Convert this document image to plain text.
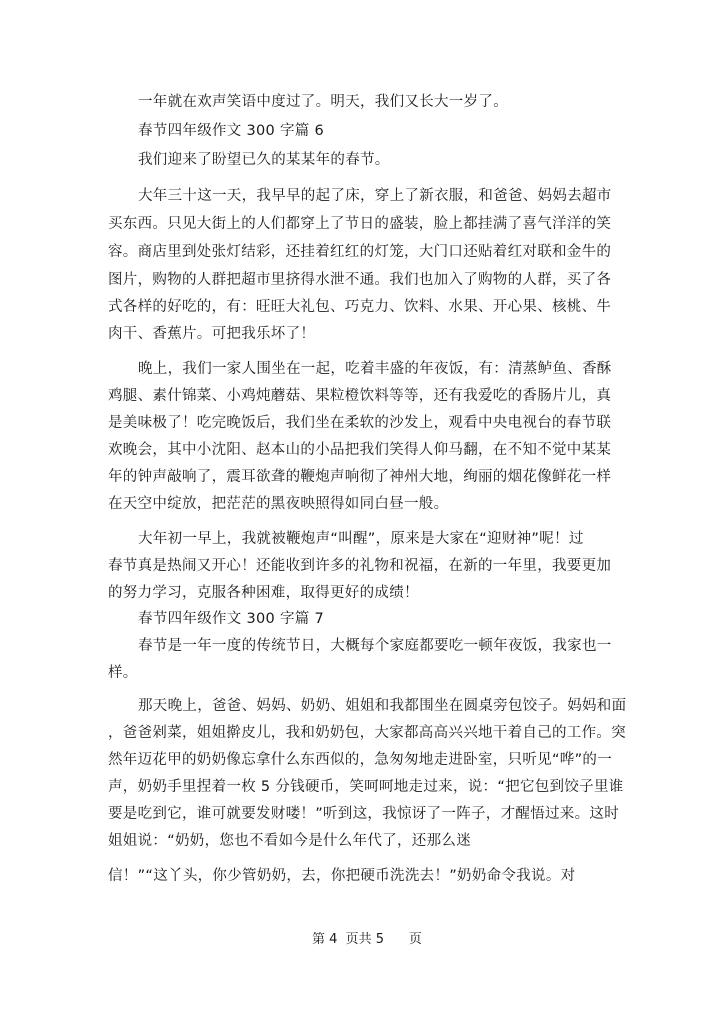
一年就在欢声笑语中度过了。明天，我们又长大一岁了。
春节四年级作文 300 字篇 6
我们迎来了盼望已久的某某年的春节。
大年三十这一天，我早早的起了床，穿上了新衣服，和爸爸、妈妈去超市
买东西。只见大街上的人们都穿上了节日的盛装，脸上都挂满了喜气洋洋的笑
容。商店里到处张灯结彩，还挂着红红的灯笼，大门口还贴着红对联和金牛的
图片，购物的人群把超市里挤得水泄不通。我们也加入了购物的人群，买了各
式各样的好吃的，有：旺旺大礼包、巧克力、饮料、水果、开心果、核桃、牛
肉干、香蕉片。可把我乐坏了！
晚上，我们一家人围坐在一起，吃着丰盛的年夜饭，有：清蒸鲈鱼、香酥
鸡腿、素什锦菜、小鸡炖蘑菇、果粒橙饮料等等，还有我爱吃的香肠片儿，真
是美味极了！吃完晚饭后，我们坐在柔软的沙发上，观看中央电视台的春节联
欢晚会，其中小沈阳、赵本山的小品把我们笑得人仰马翻，在不知不觉中某某
年的钟声敲响了，震耳欲聋的鞭炮声响彻了神州大地，绚丽的烟花像鲜花一样
在天空中绽放，把茫茫的黑夜映照得如同白昼一般。
大年初一早上，我就被鞭炮声“叫醒”，原来是大家在“迎财神”呢！过
春节真是热闹又开心！还能收到许多的礼物和祝福，在新的一年里，我要更加
的努力学习，克服各种困难，取得更好的成绩！
春节四年级作文 300 字篇 7
春节是一年一度的传统节日，大概每个家庭都要吃一顿年夜饭，我家也一
样。
那天晚上，爸爸、妈妈、奶奶、姐姐和我都围坐在圆桌旁包饺子。妈妈和面
，爸爸剁菜，姐姐擀皮儿，我和奶奶包，大家都高高兴兴地干着自己的工作。突
然年迈花甲的奶奶像忘拿什么东西似的，急匆匆地走进卧室，只听见“哗”的一
声，奶奶手里捏着一枚 5 分钱硬币，笑呵呵地走过来，说：“把它包到饺子里谁
要是吃到它，谁可就要发财喽！”听到这，我惊讶了一阵子，才醒悟过来。这时
姐姐说：“奶奶，您也不看如今是什么年代了，还那么迷
信！”“这丫头，你少管奶奶，去，你把硬币洗洗去！”奶奶命令我说。对
第 4  页共 5      页
